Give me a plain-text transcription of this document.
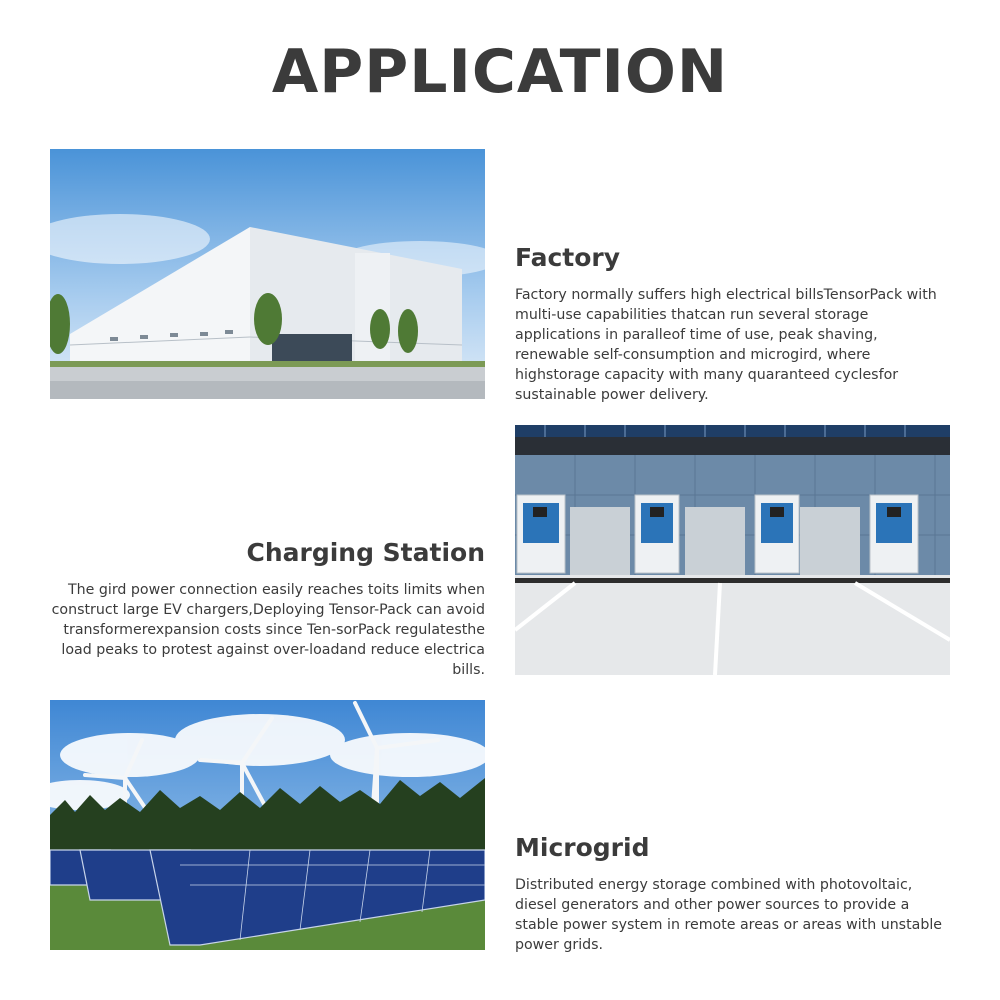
APPLICATION
Factory

Factory normally suffers high electrical billsTensorPack with multi-use capabilities thatcan run several storage applications in paralleof time of use, peak shaving, renewable self-consumption and microgird, where highstorage capacity with many quaranteed cyclesfor sustainable power delivery.

Charging Station

The gird power connection easily reaches toits limits when construct large EV chargers,Deploying Tensor-Pack can avoid transformerexpansion costs since Ten-sorPack regulatesthe load peaks to protest against over-loadand reduce electrica bills.

Microgrid

Distributed energy storage combined with photovoltaic, diesel generators and other power sources to provide a stable power system in remote areas or areas with unstable power grids.
